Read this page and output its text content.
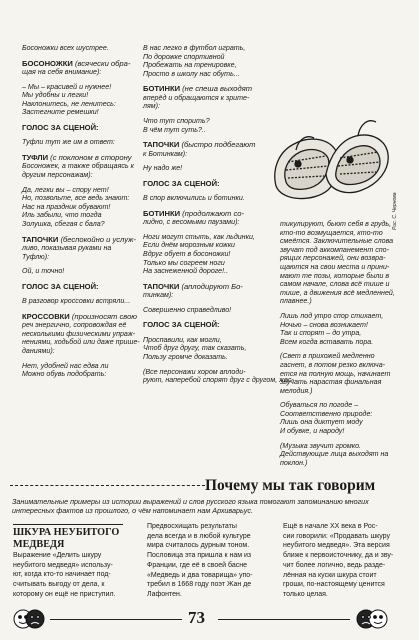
Босоножки всех шустрее.
БОСОНОЖКИ (всячески обра-
щая на себя внимание):
– Мы – красивей и нужнее!
Мы удобны и легки!
Наклонитесь, не ленитесь:
Застегните ремешки!
ГОЛОС ЗА СЦЕНОЙ:
Туфли тут же им в ответ:
ТУФЛИ (с поклоном в сторону
Босоножек, а также обращаясь к
другим персонажам):
Да, легки вы – спору нет!
Но, позвольте, все ведь знают:
Нас на праздник обувают!
Иль забыли, что тогда
Золушка, сбегая с бала?
ТАПОЧКИ (беспокойно и услуж-
ливо, показывая руками на
Туфлю):
Ой, и точно!
ГОЛОС ЗА СЦЕНОЙ:
В разговор кроссовки встряли...
КРОССОВКИ (произносят свою
реч энергично, сопровождая её
несколькими физическими упраж-
нениями, ходьбой или даже прише-
даниями):
Нет, удобней нас едва ли
Можно обувь подобрать:
В нас легко в футбол играть,
По дорожке спортивной
Пробежать на тренировке,
Просто в школу нас обуть...
БОТИНКИ (не спеша выходят
вперёд и обращаются к зрите-
лям):
Что тут спорить?
В чём тут суть?..
ТАПОЧКИ (быстро подбегают
к Ботинкам):
Ну надо же!
ГОЛОС ЗА СЦЕНОЙ:
В спор включились и ботинки.
БОТИНКИ (продолжают со-
лидно, с весомыми паузами):
Ноги могут стыть, как льдинки,
Если днём морозным кожки
Вдруг обует в босоножки!
Только мы согреем ноги
На заснеженной дороге!..
ТАПОЧКИ (аплодируют Бо-
тинкам):
Совершенно справедливо!
ГОЛОС ЗА СЦЕНОЙ:
Проспавили, как могли,
Чтоб друг другу, так сказать,
Пользу громче доказать.
(Все персонажи хором аплоди-
руют, наперебой спорят друг с другом, жес-
тикулируют, бьют себя в грудь,
кто-то возмущается, кто-то
смеётся. Заключительные слова
звучат под аккомпанемент спо-
рящих персонажей, они возвра-
щаются на свои места и прини-
мают те позы, которые были в
самом начале, слова всё тише и
тише, а движения всё медленней,
плавнее.)
Лишь под утро спор стихает,
Ночью – снова возникает!
Так и спорят – до утра,
Всем когда вставать пора.
(Свет в прихожей медленно
гаснет, в потом резко включа-
ется на полную мощь, начинает
звучать нарастая финальная
мелодия.)
Обуваться по погоде –
Соответственно природе:
Лишь она диктует моду
И обувке, и народу!
(Музыка звучит громко.
Действующие лица выходят на
поклон.)
Рис. С. Чернова
Почему мы так говорим
Занимательные примеры из истории выражений и слов русского языка помогают запоминанию многих интересных фактов из прошлого, о чём напоминает нам Архиварьус.
ШКУРА НЕУБИТОГО
МЕДВЕДЯ
Выражение «Делить шкуру
неубитого медведя» использу-
ют, когда кто-то начинает под-
считывать выгоду от дела, к
которому он ещё не приступил.
Предвосхищать результаты
дела всегда и в любой культуре
мира считалось дурным тоном.
Пословица эта пришла к нам из
Франции, где её в своей басне
«Медведь и два товарища» упо-
требил в 1668 году поэт Жан де
Лафонтен.
Ещё в начале XX века в Рос-
сии говорили: «Продавать шкуру
неубитого медведя». Эта версия
ближе к первоисточнику, да и зву-
чит более логично, ведь разде-
лённая на куски шкура стоит
гроши, по-настоящему ценится
только целая.
73
